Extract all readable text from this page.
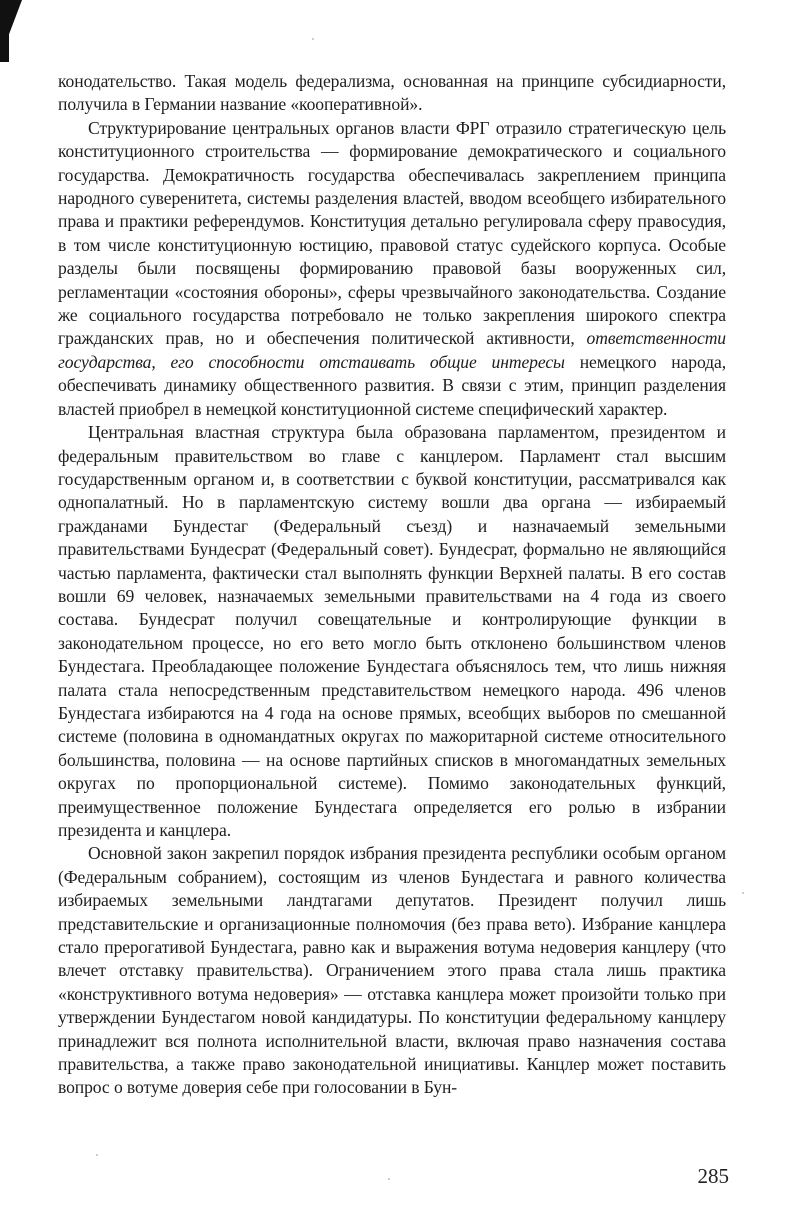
конодательство. Такая модель федерализма, основанная на принципе субсидиарности, получила в Германии название «кооперативной».

Структурирование центральных органов власти ФРГ отразило стратегическую цель конституционного строительства — формирование демократического и социального государства. Демократичность государства обеспечивалась закреплением принципа народного суверенитета, системы разделения властей, вводом всеобщего избирательного права и практики референдумов. Конституция детально регулировала сферу правосудия, в том числе конституционную юстицию, правовой статус судейского корпуса. Особые разделы были посвящены формированию правовой базы вооруженных сил, регламентации «состояния обороны», сферы чрезвычайного законодательства. Создание же социального государства потребовало не только закрепления широкого спектра гражданских прав, но и обеспечения политической активности, ответственности государства, его способности отстаивать общие интересы немецкого народа, обеспечивать динамику общественного развития. В связи с этим, принцип разделения властей приобрел в немецкой конституционной системе специфический характер.

Центральная властная структура была образована парламентом, президентом и федеральным правительством во главе с канцлером. Парламент стал высшим государственным органом и, в соответствии с буквой конституции, рассматривался как однопалатный. Но в парламентскую систему вошли два органа — избираемый гражданами Бундестаг (Федеральный съезд) и назначаемый земельными правительствами Бундесрат (Федеральный совет). Бундесрат, формально не являющийся частью парламента, фактически стал выполнять функции Верхней палаты. В его состав вошли 69 человек, назначаемых земельными правительствами на 4 года из своего состава. Бундесрат получил совещательные и контролирующие функции в законодательном процессе, но его вето могло быть отклонено большинством членов Бундестага. Преобладающее положение Бундестага объяснялось тем, что лишь нижняя палата стала непосредственным представительством немецкого народа. 496 членов Бундестага избираются на 4 года на основе прямых, всеобщих выборов по смешанной системе (половина в одномандатных округах по мажоритарной системе относительного большинства, половина — на основе партийных списков в многомандатных земельных округах по пропорциональной системе). Помимо законодательных функций, преимущественное положение Бундестага определяется его ролью в избрании президента и канцлера.

Основной закон закрепил порядок избрания президента республики особым органом (Федеральным собранием), состоящим из членов Бундестага и равного количества избираемых земельными ландтагами депутатов. Президент получил лишь представительские и организационные полномочия (без права вето). Избрание канцлера стало прерогативой Бундестага, равно как и выражения вотума недоверия канцлеру (что влечет отставку правительства). Ограничением этого права стала лишь практика «конструктивного вотума недоверия» — отставка канцлера может произойти только при утверждении Бундестагом новой кандидатуры. По конституции федеральному канцлеру принадлежит вся полнота исполнительной власти, включая право назначения состава правительства, а также право законодательной инициативы. Канцлер может поставить вопрос о вотуме доверия себе при голосовании в Бун-

285
